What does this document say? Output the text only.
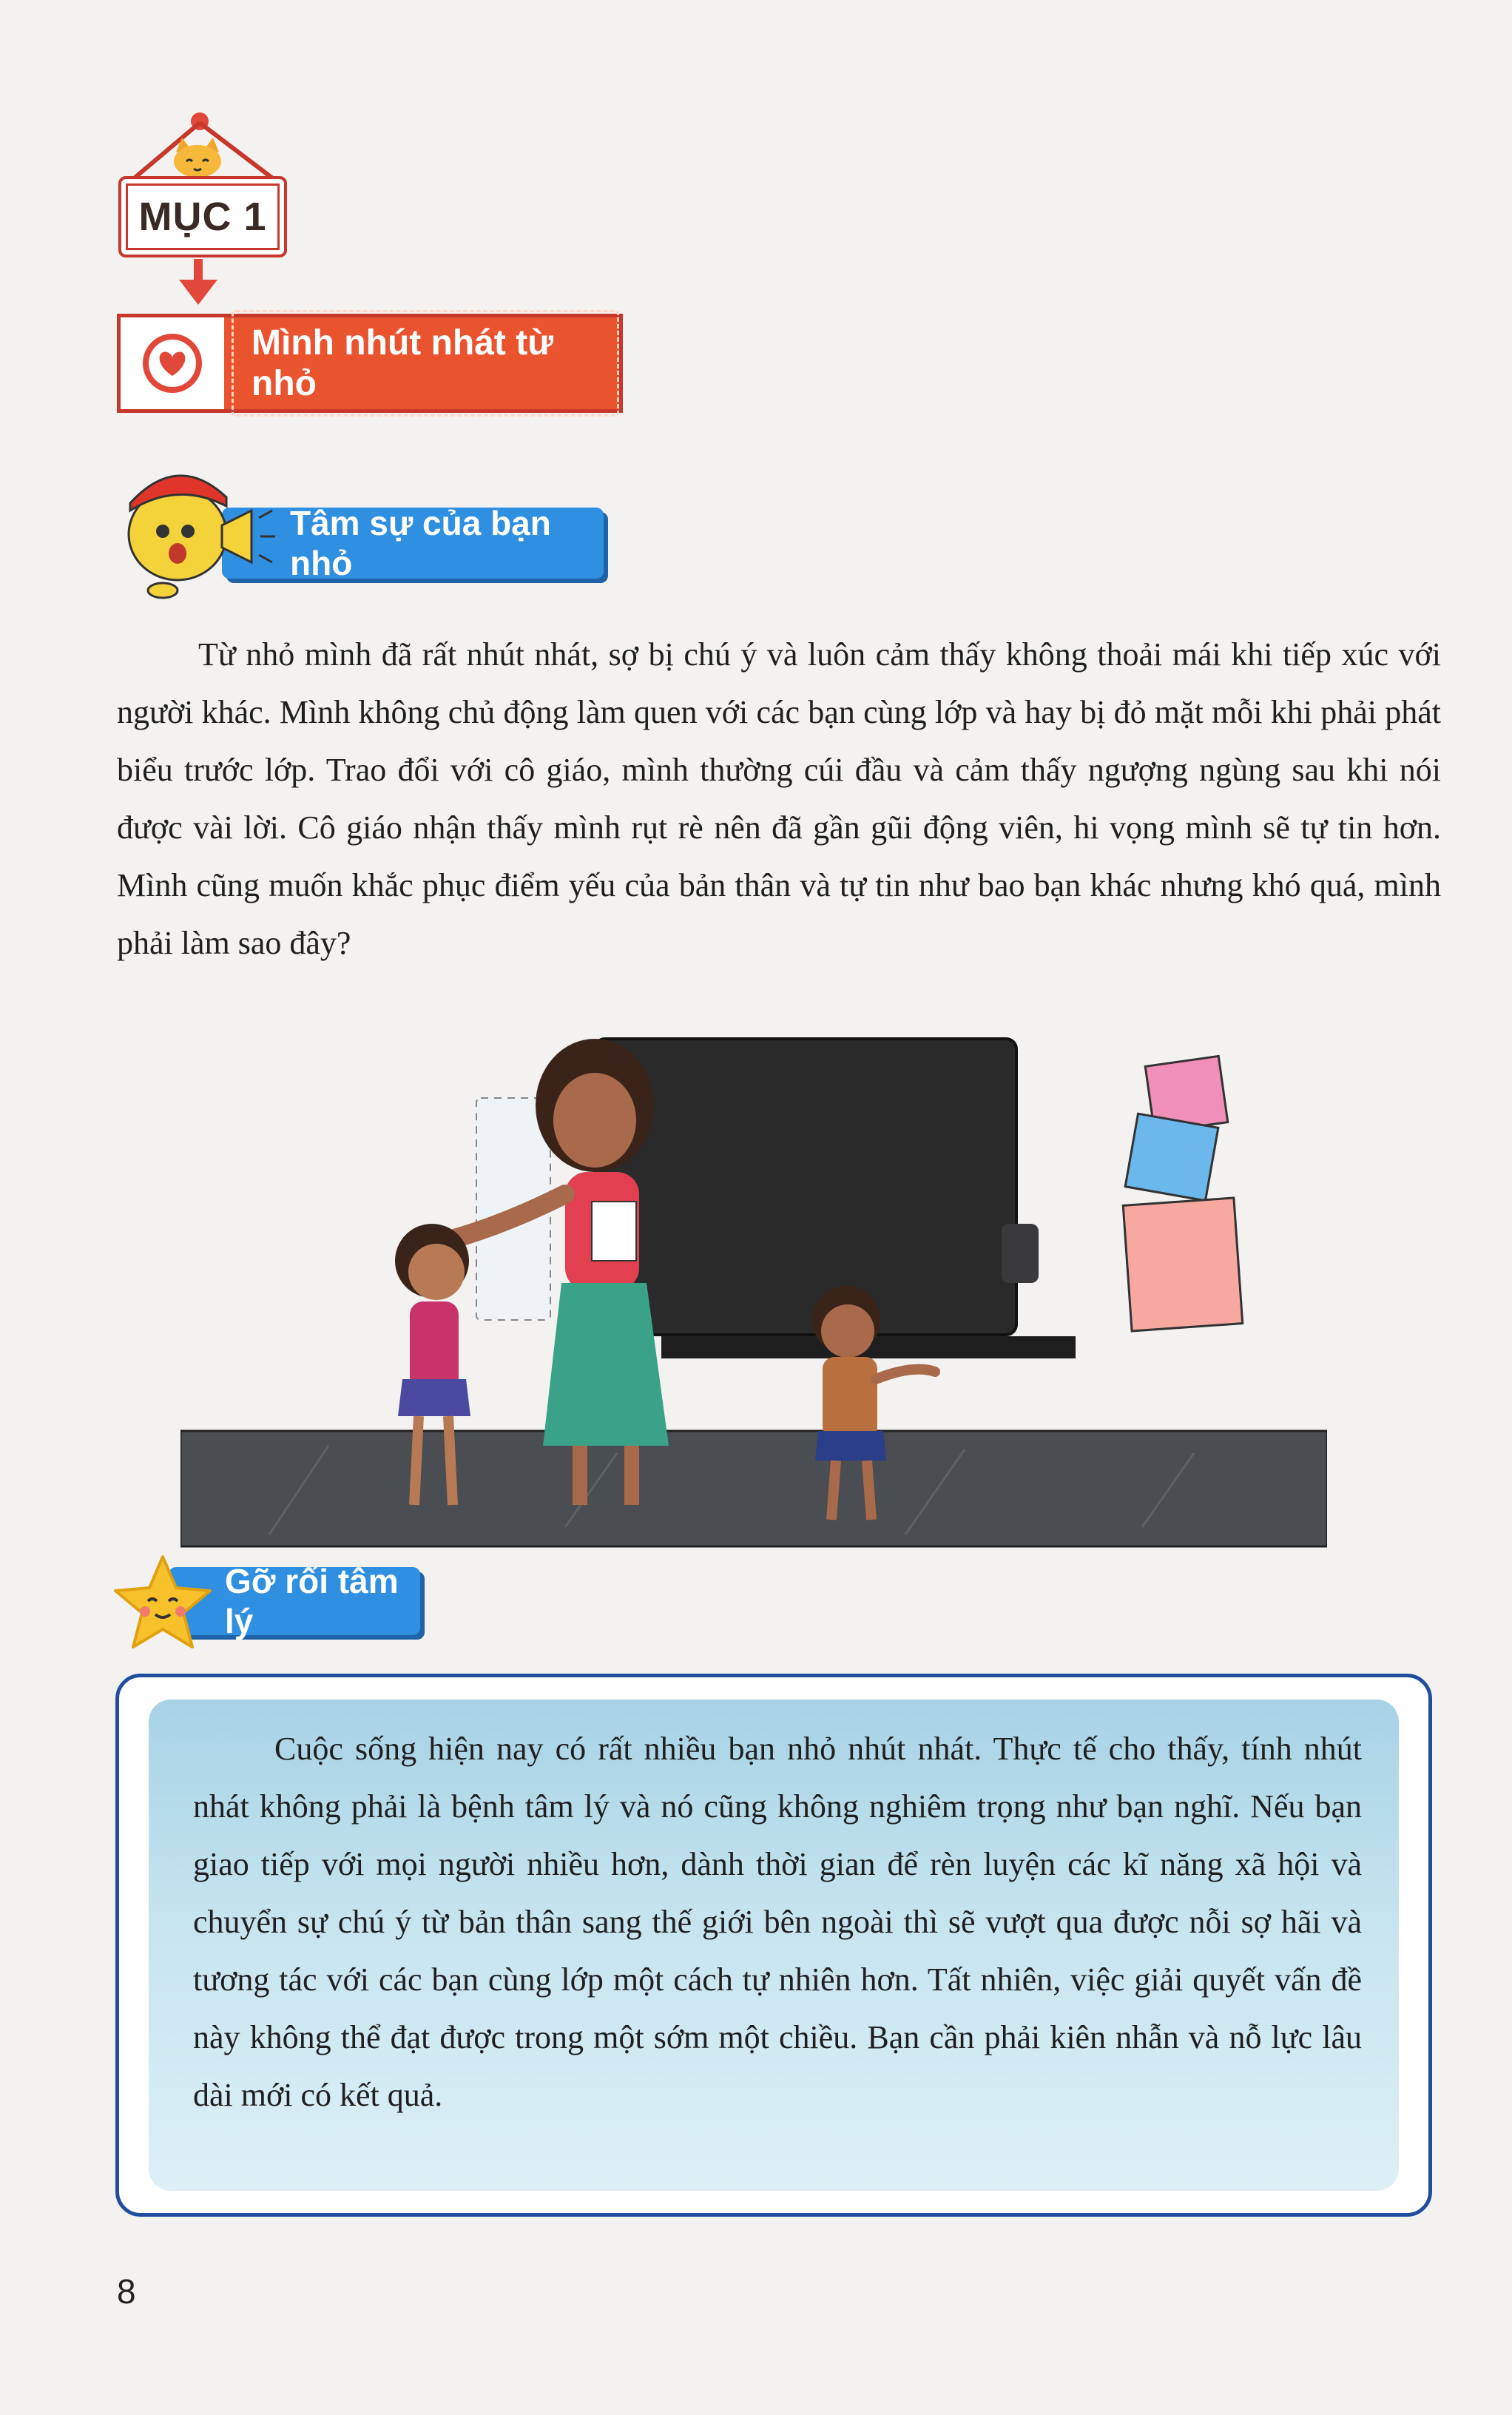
MỤC 1
Mình nhút nhát từ nhỏ
Tâm sự của bạn nhỏ

Từ nhỏ mình đã rất nhút nhát, sợ bị chú ý và luôn cảm thấy không thoải mái khi tiếp xúc với người khác. Mình không chủ động làm quen với các bạn cùng lớp và hay bị đỏ mặt mỗi khi phải phát biểu trước lớp. Trao đổi với cô giáo, mình thường cúi đầu và cảm thấy ngượng ngùng sau khi nói được vài lời. Cô giáo nhận thấy mình rụt rè nên đã gần gũi động viên, hi vọng mình sẽ tự tin hơn. Mình cũng muốn khắc phục điểm yếu của bản thân và tự tin như bao bạn khác nhưng khó quá, mình phải làm sao đây?

Gỡ rối tâm lý

Cuộc sống hiện nay có rất nhiều bạn nhỏ nhút nhát. Thực tế cho thấy, tính nhút nhát không phải là bệnh tâm lý và nó cũng không nghiêm trọng như bạn nghĩ. Nếu bạn giao tiếp với mọi người nhiều hơn, dành thời gian để rèn luyện các kĩ năng xã hội và chuyển sự chú ý từ bản thân sang thế giới bên ngoài thì sẽ vượt qua được nỗi sợ hãi và tương tác với các bạn cùng lớp một cách tự nhiên hơn. Tất nhiên, việc giải quyết vấn đề này không thể đạt được trong một sớm một chiều. Bạn cần phải kiên nhẫn và nỗ lực lâu dài mới có kết quả.

8
